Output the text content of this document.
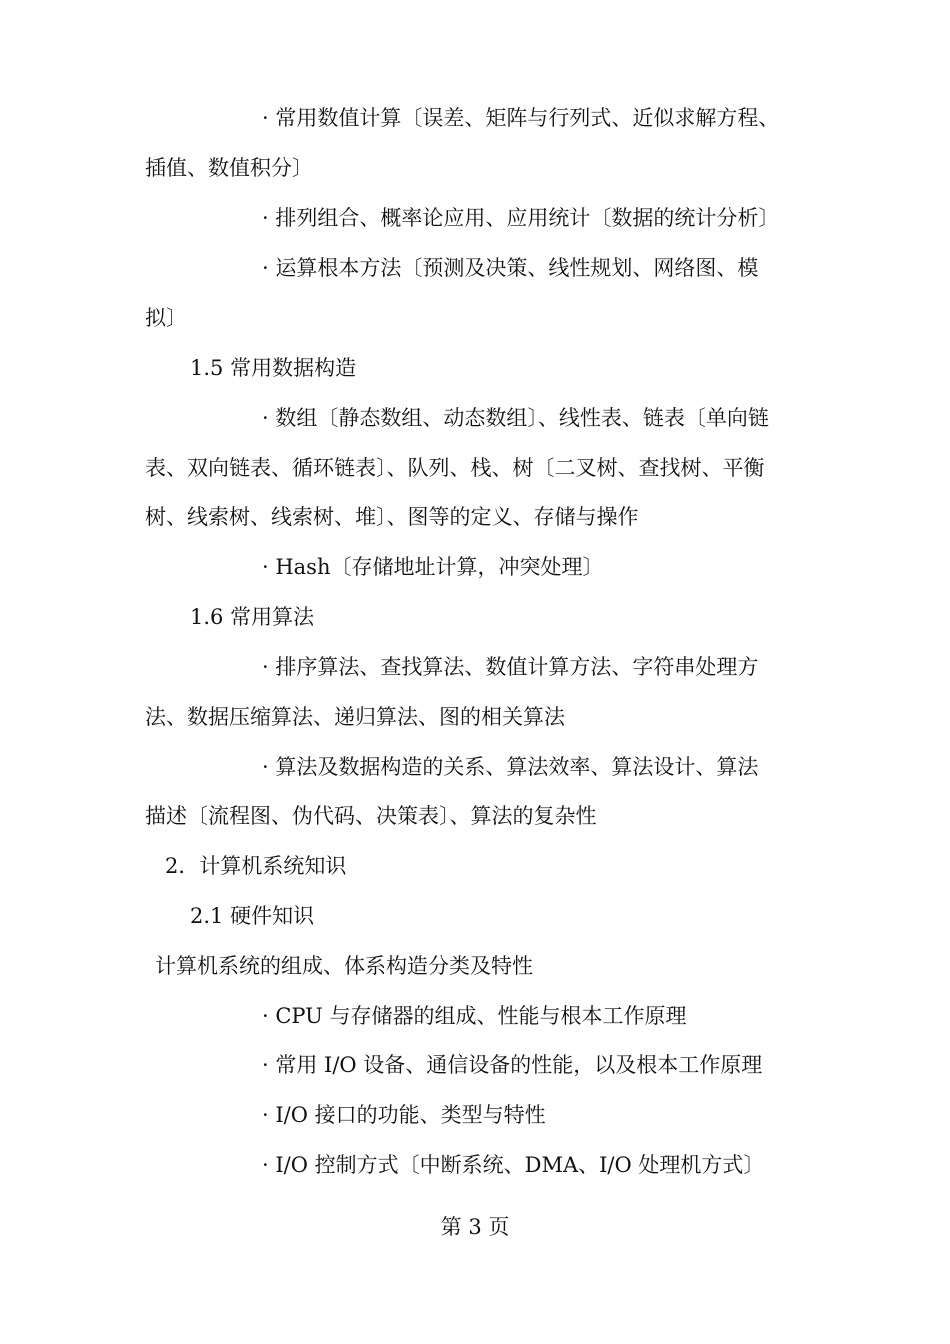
· 常用数值计算〔误差、矩阵与行列式、近似求解方程、
插值、数值积分〕
· 排列组合、概率论应用、应用统计〔数据的统计分析〕
· 运算根本方法〔预测及决策、线性规划、网络图、模
拟〕
1.5 常用数据构造
· 数组〔静态数组、动态数组〕、线性表、链表〔单向链
表、双向链表、循环链表〕、队列、栈、树〔二叉树、查找树、平衡
树、线索树、线索树、堆〕、图等的定义、存储与操作
· Hash〔存储地址计算，冲突处理〕
1.6 常用算法
· 排序算法、查找算法、数值计算方法、字符串处理方
法、数据压缩算法、递归算法、图的相关算法
· 算法及数据构造的关系、算法效率、算法设计、算法
描述〔流程图、伪代码、决策表〕、算法的复杂性
2．计算机系统知识
2.1 硬件知识
计算机系统的组成、体系构造分类及特性
· CPU 与存储器的组成、性能与根本工作原理
· 常用 I/O 设备、通信设备的性能，以及根本工作原理
· I/O 接口的功能、类型与特性
· I/O 控制方式〔中断系统、DMA、I/O 处理机方式〕
第 3 页
